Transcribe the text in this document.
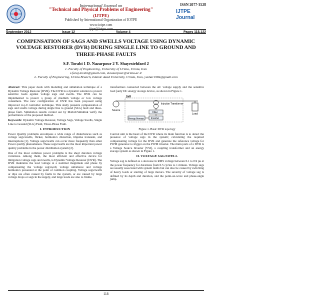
International Journal on
"Technical and Physical Problems of Engineering"
(IJTPE)
Published by International Organization of IOTPE
www.iotpe.com
ijtpe@iotpe.com
ISSN 2077-3528
IJTPE Journal
September 2012	Issue 12	Volume 4	Pages 118-122
COMPENSATION OF SAGS AND SWELLS VOLTAGE USING DYNAMIC VOLTAGE RESTORER (DVR) DURING SINGLE LINE TO GROUND AND THREE-PHASE FAULTS
S.F. Torabi 1 D. Nazarpour 2 Y. Shayestehfard 2
1. Faculty of Engineering, University of Urmia, Urmia, Iran
s.faraj.torabi@gmail.com, d.nazarpour@urmia.ac.ir
2. Faculty of Engineering, Urmia Branch, Islamic Azad University, Urmia, Iran, yashar1984@gmail.com

Abstract: This paper deals with modeling and simulation technique of a Dynamic Voltage Restorer (DVR). The DVR is a dynamic solution to protect sensitive loads against voltage sags and swells. The DVR can be implemented to protect a group of medium voltage or low voltage consumers. The new configuration of DVR has been proposed using improved d-q-0 controller technique. This study presents compensation of sags and swells voltage during single line to ground (SLG) fault and three-phase fault. Simulation results carried out by Matlab/Simulink verify the performance of the proposed method.

Keywords: Dynamic Voltage Restorer, Voltage Sags, Voltage Swells, Single Line to Ground (SLG) Fault, Three-Phase Fault.

I. INTRODUCTION

Power Quality problems encompass a wide range of disturbances such as voltage sags/swells, flicker, harmonics distortion, impulse transient, and interruptions [1]. Voltage sags/swells can occur more frequently than other Power quality phenomenon. These sags/swells are the most important power quality problems in the power distribution system [2].

One of the most common power problems is the short duration voltage variations. Among them, the most efficient and effective device for mitigation voltage sags and swells, is Dynamic Voltage Restorer (DVR). The DVR maintains the load voltage at a nominal magnitude and phase by compensating the voltage sag/swell, voltage unbalance and voltage harmonics presented at the point of common coupling. Voltage sags/swells or dips are often caused by faults in the system, or are caused by large voltage drops or sags in the supply, and large loads are also to blame.

transformers connected between the AC voltage supply and the sensitive load (only DC energy storage device, as shown in Figure 1.

Source
Injection Transformer
Filter
Inverter
Energy Storage
DVR
Load
Figure 1. Basic DVR topology

Control unit is the heart of the DVR where its main function is to detect the presence of voltage sags in the system; calculating the required compensating voltage for the DVR and generate the reference voltage for PWM generator to trigger on the PWM inverter. The main parts of a DVR is a Voltage Source Inverter (VSI), a coupling transformer and an energy storage system as shown in Figure 1.

II. VOLTAGE SAG/SWELL

Voltage sag is defined as a decrease in RMS voltage between 0.1 to 0.9 pu at the power frequency for durations from 0.5 cycles to 1 minute. Voltage sags are usually associated with system faults but can also be caused by switching of heavy loads or starting of large motors. The severity of voltage sag is defined by its depth and duration, and the point-on-wave and phase-angle jump.

118
